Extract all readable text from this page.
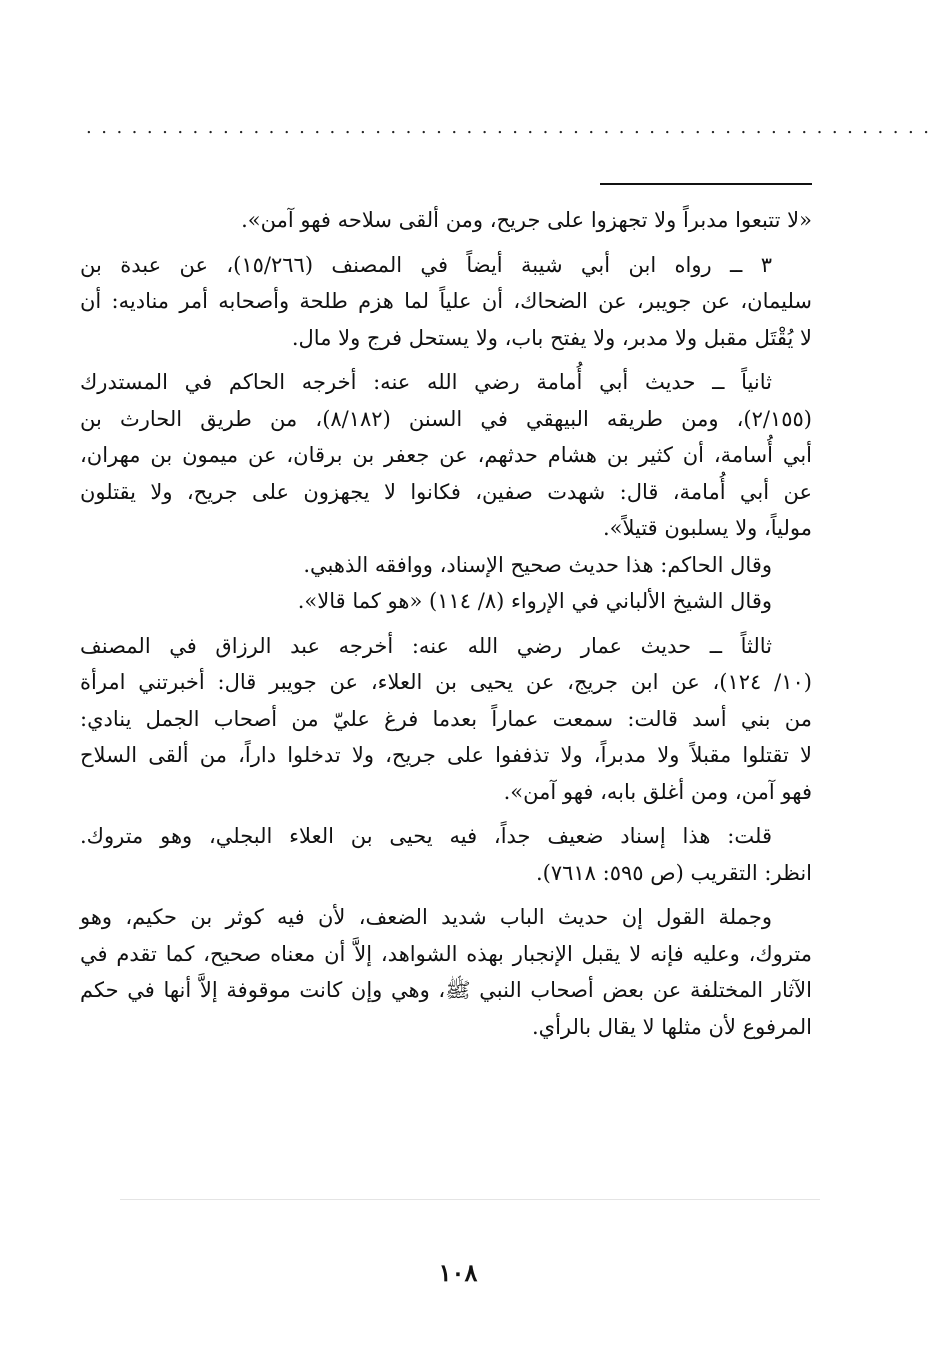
........................................................
«لا تتبعوا مدبراً ولا تجهزوا على جريح، ومن ألقى سلاحه فهو آمن».
٣ ــ رواه ابن أبي شيبة أيضاً في المصنف (١٥/٢٦٦)، عن عبدة بن
سليمان، عن جويبر، عن الضحاك، أن علياً لما هزم طلحة وأصحابه أمر مناديه: أن
لا يُقْتَل مقبل ولا مدبر، ولا يفتح باب، ولا يستحل فرج ولا مال.
ثانياً ــ حديث أبي أُمامة رضي الله عنه: أخرجه الحاكم في المستدرك
(٢/١٥٥)، ومن طريقه البيهقي في السنن (٨/١٨٢)، من طريق الحارث بن
أبي أُسامة، أن كثير بن هشام حدثهم، عن جعفر بن برقان، عن ميمون بن مهران،
عن أبي أُمامة، قال: شهدت صفين، فكانوا لا يجهزون على جريح، ولا يقتلون
مولياً، ولا يسلبون قتيلاً».
وقال الحاكم: هذا حديث صحيح الإسناد، ووافقه الذهبي.
وقال الشيخ الألباني في الإرواء (٨/ ١١٤) «هو كما قالا».
ثالثاً ــ حديث عمار رضي الله عنه: أخرجه عبد الرزاق في المصنف
(١٠/ ١٢٤)، عن ابن جريج، عن يحيى بن العلاء، عن جويبر قال: أخبرتني امرأة
من بني أسد قالت: سمعت عماراً بعدما فرغ عليّ من أصحاب الجمل ينادي:
لا تقتلوا مقبلاً ولا مدبراً، ولا تذففوا على جريح، ولا تدخلوا داراً، من ألقى السلاح
فهو آمن، ومن أغلق بابه، فهو آمن».
قلت: هذا إسناد ضعيف جداً، فيه يحيى بن العلاء البجلي، وهو متروك.
انظر: التقريب (ص ٥٩٥: ٧٦١٨).
وجملة القول إن حديث الباب شديد الضعف، لأن فيه كوثر بن حكيم، وهو
متروك، وعليه فإنه لا يقبل الإنجبار بهذه الشواهد، إلاَّ أن معناه صحيح، كما تقدم في
الآثار المختلفة عن بعض أصحاب النبي ﷺ، وهي وإن كانت موقوفة إلاَّ أنها في حكم
المرفوع لأن مثلها لا يقال بالرأي.
١٠٨
